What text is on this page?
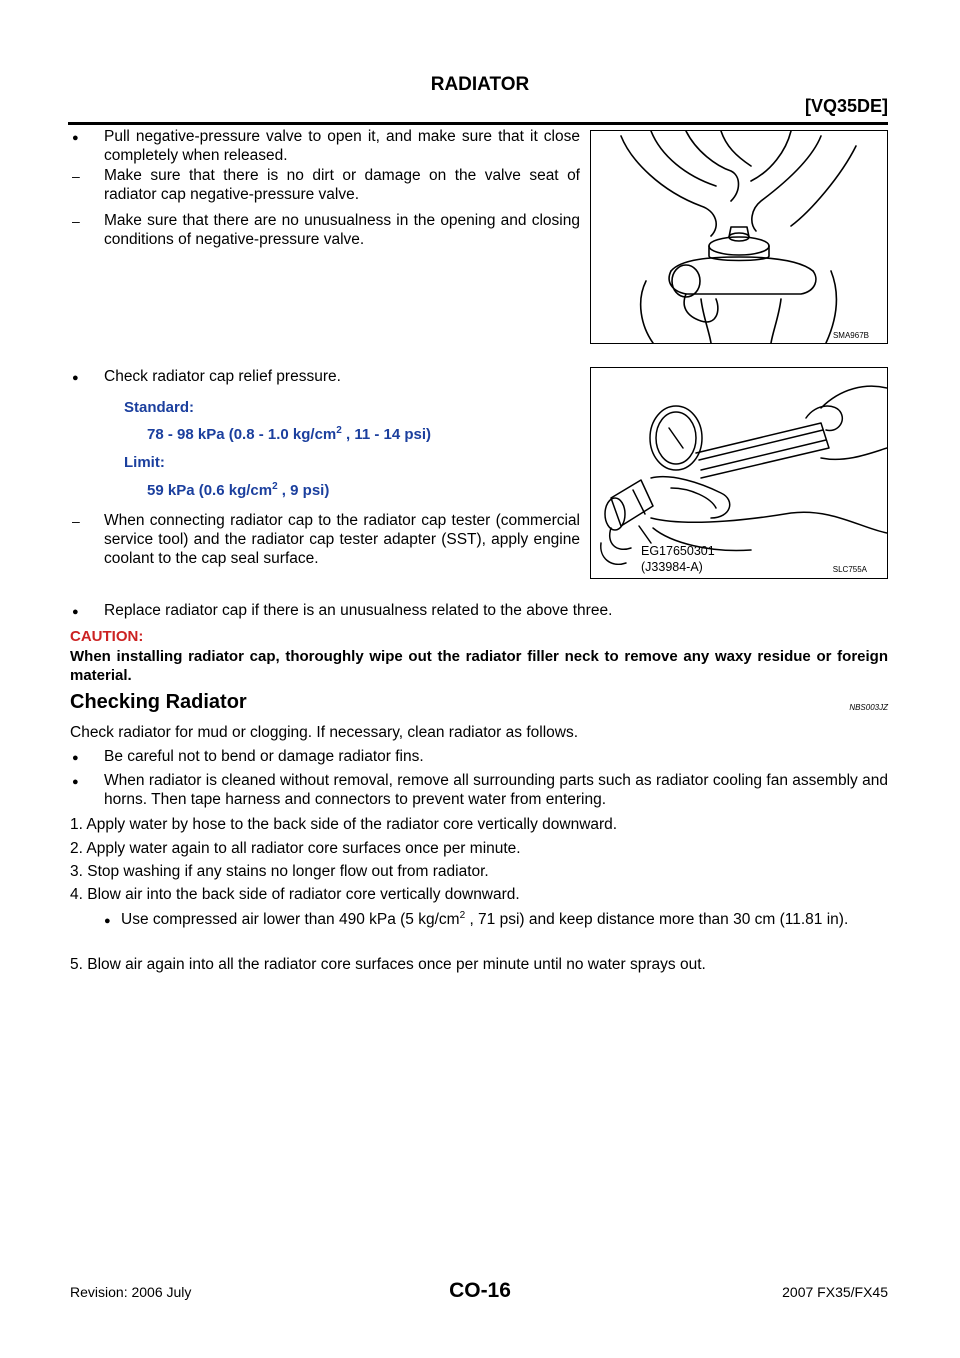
RADIATOR
[VQ35DE]
● Pull negative-pressure valve to open it, and make sure that it close completely when released.
– Make sure that there is no dirt or damage on the valve seat of radiator cap negative-pressure valve.
– Make sure that there are no unusualness in the opening and closing conditions of negative-pressure valve.
SMA967B
● Check radiator cap relief pressure.
Standard:
78 - 98 kPa (0.8 - 1.0 $kg/cm^2$ , 11 - 14 psi)
Limit:
59 kPa (0.6 $kg/cm^2$ , 9 psi)
– When connecting radiator cap to the radiator cap tester (commercial service tool) and the radiator cap tester adapter (SST), apply engine coolant to the cap seal surface.	EG17650301
(J33984-A)	SLC755A
● Replace radiator cap if there is an unusualness related to the above three.
CAUTION:
When installing radiator cap, thoroughly wipe out the radiator filler neck to remove any waxy residue or foreign material.
Checking Radiator	NBS003JZ
Check radiator for mud or clogging. If necessary, clean radiator as follows.
● Be careful not to bend or damage radiator fins.
● When radiator is cleaned without removal, remove all surrounding parts such as radiator cooling fan assembly and horns. Then tape harness and connectors to prevent water from entering.
1. Apply water by hose to the back side of the radiator core vertically downward.
2. Apply water again to all radiator core surfaces once per minute.
3. Stop washing if any stains no longer flow out from radiator.
4. Blow air into the back side of radiator core vertically downward.
● Use compressed air lower than 490 kPa (5 $kg/cm^2$ , 71 psi) and keep distance more than 30 cm (11.81 in).
5. Blow air again into all the radiator core surfaces once per minute until no water sprays out.
Revision: 2006 July	CO-16	2007 FX35/FX45
